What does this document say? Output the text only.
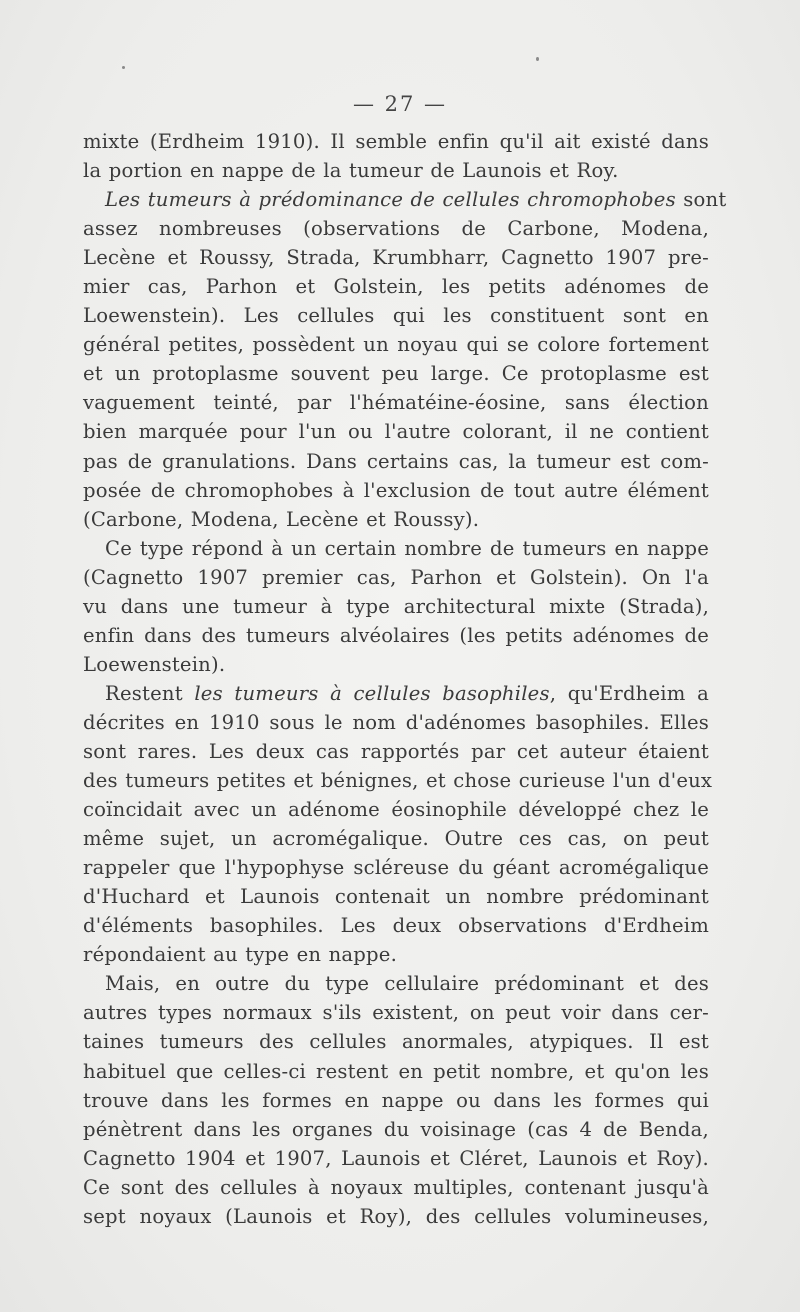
— 27 —
mixte (Erdheim 1910). Il semble enfin qu'il ait existé dans
la portion en nappe de la tumeur de Launois et Roy.
Les tumeurs à prédominance de cellules chromophobes sont
assez nombreuses (observations de Carbone, Modena,
Lecène et Roussy, Strada, Krumbharr, Cagnetto 1907 pre-
mier cas, Parhon et Golstein, les petits adénomes de
Loewenstein). Les cellules qui les constituent sont en
général petites, possèdent un noyau qui se colore fortement
et un protoplasme souvent peu large. Ce protoplasme est
vaguement teinté, par l'hématéine-éosine, sans élection
bien marquée pour l'un ou l'autre colorant, il ne contient
pas de granulations. Dans certains cas, la tumeur est com-
posée de chromophobes à l'exclusion de tout autre élément
(Carbone, Modena, Lecène et Roussy).
Ce type répond à un certain nombre de tumeurs en nappe
(Cagnetto 1907 premier cas, Parhon et Golstein). On l'a
vu dans une tumeur à type architectural mixte (Strada),
enfin dans des tumeurs alvéolaires (les petits adénomes de
Loewenstein).
Restent les tumeurs à cellules basophiles, qu'Erdheim a
décrites en 1910 sous le nom d'adénomes basophiles. Elles
sont rares. Les deux cas rapportés par cet auteur étaient
des tumeurs petites et bénignes, et chose curieuse l'un d'eux
coïncidait avec un adénome éosinophile développé chez le
même sujet, un acromégalique. Outre ces cas, on peut
rappeler que l'hypophyse scléreuse du géant acromégalique
d'Huchard et Launois contenait un nombre prédominant
d'éléments basophiles. Les deux observations d'Erdheim
répondaient au type en nappe.
Mais, en outre du type cellulaire prédominant et des
autres types normaux s'ils existent, on peut voir dans cer-
taines tumeurs des cellules anormales, atypiques. Il est
habituel que celles-ci restent en petit nombre, et qu'on les
trouve dans les formes en nappe ou dans les formes qui
pénètrent dans les organes du voisinage (cas 4 de Benda,
Cagnetto 1904 et 1907, Launois et Cléret, Launois et Roy).
Ce sont des cellules à noyaux multiples, contenant jusqu'à
sept noyaux (Launois et Roy), des cellules volumineuses,
